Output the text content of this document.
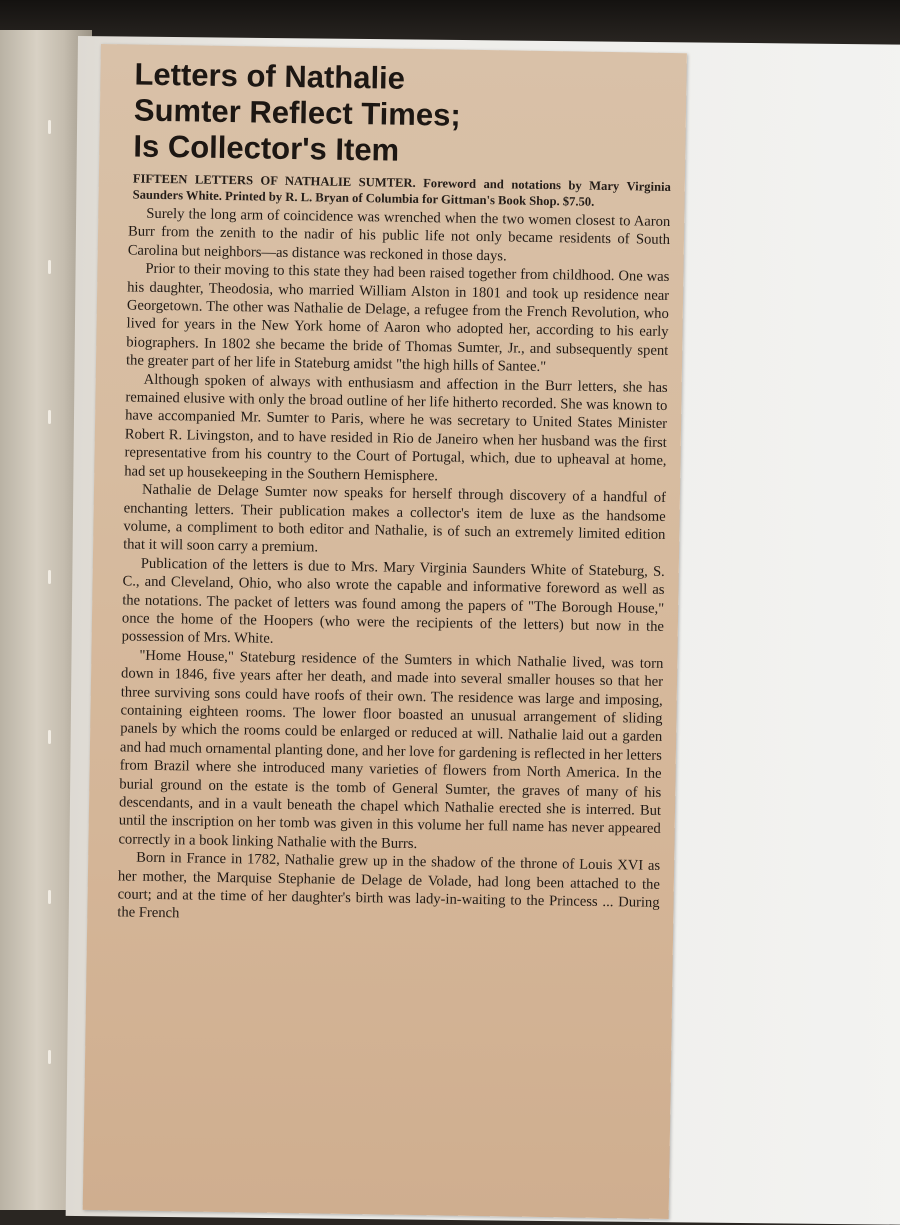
Letters of Nathalie
Sumter Reflect Times;
Is Collector's Item
FIFTEEN LETTERS OF NATHALIE SUMTER. Foreword and notations by Mary Virginia Saunders White. Printed by R. L. Bryan of Columbia for Gittman's Book Shop. $7.50.

Surely the long arm of coincidence was wrenched when the two women closest to Aaron Burr from the zenith to the nadir of his public life not only became residents of South Carolina but neighbors—as distance was reckoned in those days.

Prior to their moving to this state they had been raised together from childhood. One was his daughter, Theodosia, who married William Alston in 1801 and took up residence near Georgetown. The other was Nathalie de Delage, a refugee from the French Revolution, who lived for years in the New York home of Aaron who adopted her, according to his early biographers. In 1802 she became the bride of Thomas Sumter, Jr., and subsequently spent the greater part of her life in Stateburg amidst "the high hills of Santee."

Although spoken of always with enthusiasm and affection in the Burr letters, she has remained elusive with only the broad outline of her life hitherto recorded. She was known to have accompanied Mr. Sumter to Paris, where he was secretary to United States Minister Robert R. Livingston, and to have resided in Rio de Janeiro when her husband was the first representative from his country to the Court of Portugal, which, due to upheaval at home, had set up housekeeping in the Southern Hemisphere.

Nathalie de Delage Sumter now speaks for herself through discovery of a handful of enchanting letters. Their publication makes a collector's item de luxe as the handsome volume, a compliment to both editor and Nathalie, is of such an extremely limited edition that it will soon carry a premium.

Publication of the letters is due to Mrs. Mary Virginia Saunders White of Stateburg, S. C., and Cleveland, Ohio, who also wrote the capable and informative foreword as well as the notations. The packet of letters was found among the papers of "The Borough House," once the home of the Hoopers (who were the recipients of the letters) but now in the possession of Mrs. White.

"Home House," Stateburg residence of the Sumters in which Nathalie lived, was torn down in 1846, five years after her death, and made into several smaller houses so that her three surviving sons could have roofs of their own. The residence was large and imposing, containing eighteen rooms. The lower floor boasted an unusual arrangement of sliding panels by which the rooms could be enlarged or reduced at will. Nathalie laid out a garden and had much ornamental planting done, and her love for gardening is reflected in her letters from Brazil where she introduced many varieties of flowers from North America. In the burial ground on the estate is the tomb of General Sumter, the graves of many of his descendants, and in a vault beneath the chapel which Nathalie erected she is interred. But until the inscription on her tomb was given in this volume her full name has never appeared correctly in a book linking Nathalie with the Burrs.

Born in France in 1782, Nathalie grew up in the shadow of the throne of Louis XVI as her mother, the Marquise Stephanie de Delage de Volade, had long been attached to the court; and at the time of her daughter's birth was lady-in-waiting to the Princess ... During the French
